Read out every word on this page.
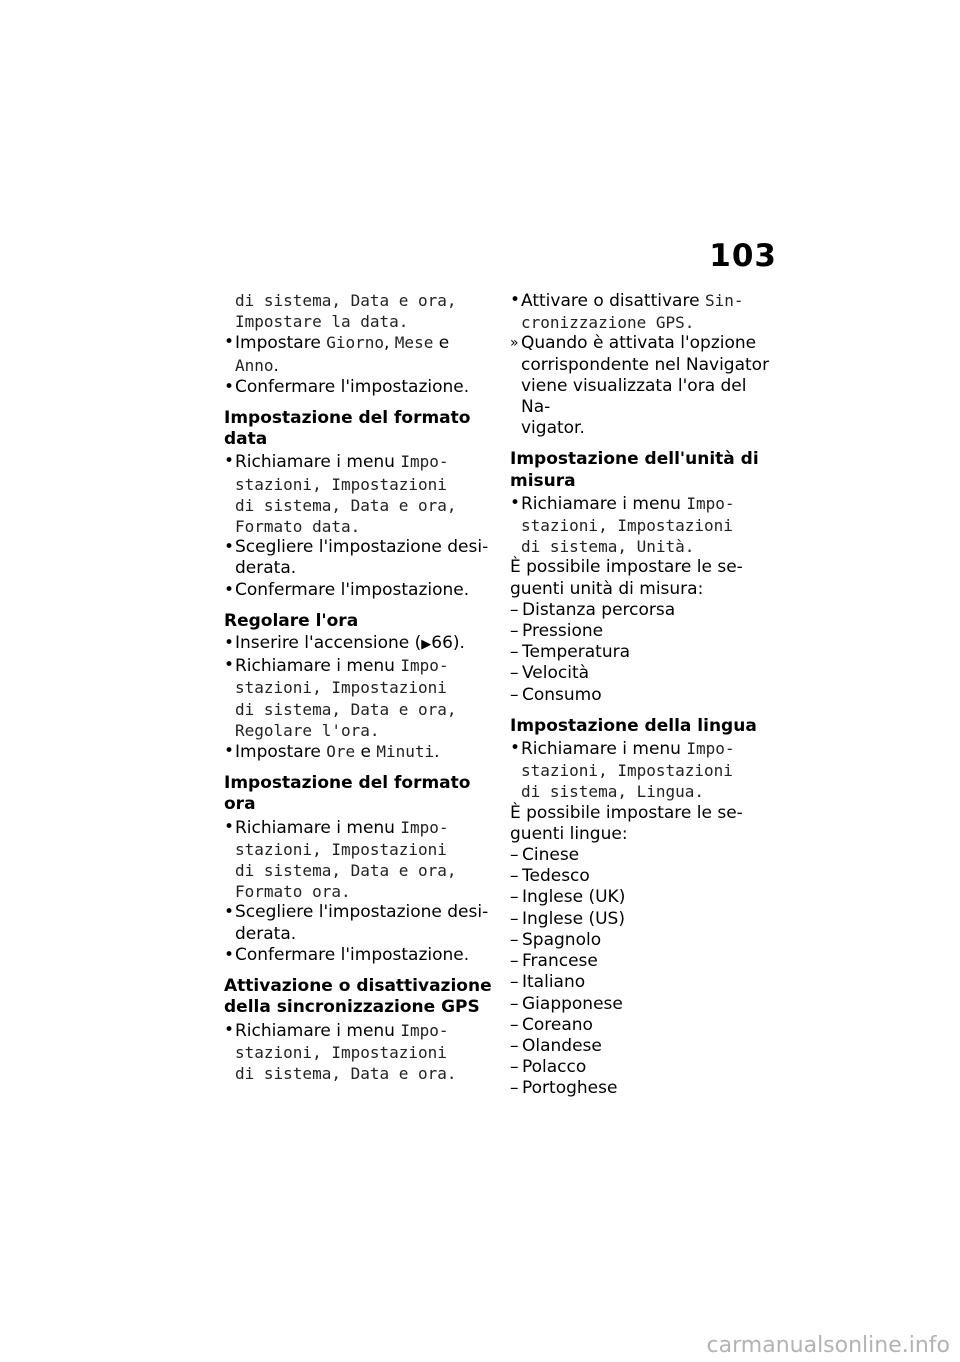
103
di sistema, Data e ora,
Impostare la data.
• Impostare Giorno, Mese e
Anno.
• Confermare l'impostazione.
Impostazione del formato data
• Richiamare i menu Impo-
stazioni, Impostazioni
di sistema, Data e ora,
Formato data.
• Scegliere l'impostazione desi-
derata.
• Confermare l'impostazione.
Regolare l'ora
• Inserire l'accensione (▶66).
• Richiamare i menu Impo-
stazioni, Impostazioni
di sistema, Data e ora,
Regolare l'ora.
• Impostare Ore e Minuti.
Impostazione del formato ora
• Richiamare i menu Impo-
stazioni, Impostazioni
di sistema, Data e ora,
Formato ora.
• Scegliere l'impostazione desi-
derata.
• Confermare l'impostazione.
Attivazione o disattivazione della sincronizzazione GPS
• Richiamare i menu Impo-
stazioni, Impostazioni
di sistema, Data e ora.
• Attivare o disattivare Sin-
cronizzazione GPS.
» Quando è attivata l'opzione
corrispondente nel Navigator
viene visualizzata l'ora del Na-
vigator.
Impostazione dell'unità di misura
• Richiamare i menu Impo-
stazioni, Impostazioni
di sistema, Unità.
È possibile impostare le se-
guenti unità di misura:
– Distanza percorsa
– Pressione
– Temperatura
– Velocità
– Consumo
Impostazione della lingua
• Richiamare i menu Impo-
stazioni, Impostazioni
di sistema, Lingua.
È possibile impostare le se-
guenti lingue:
– Cinese
– Tedesco
– Inglese (UK)
– Inglese (US)
– Spagnolo
– Francese
– Italiano
– Giapponese
– Coreano
– Olandese
– Polacco
– Portoghese
carmanualsonline.info
